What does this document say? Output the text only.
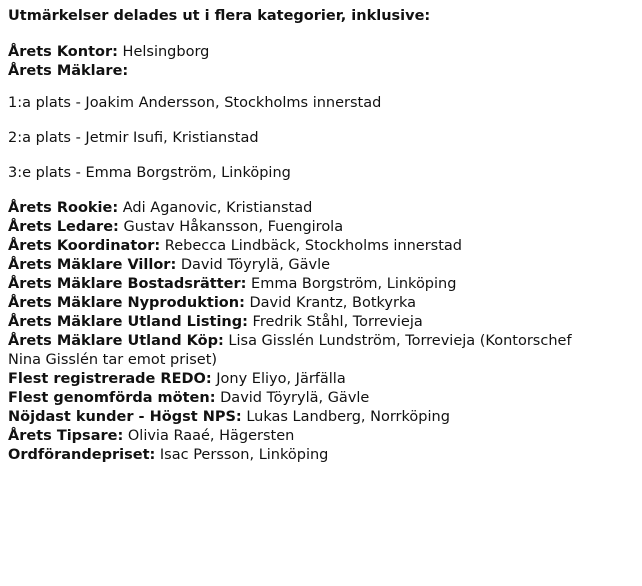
Utmärkelser delades ut i flera kategorier, inklusive:
Årets Kontor: Helsingborg
Årets Mäklare:
1:a plats - Joakim Andersson, Stockholms innerstad
2:a plats - Jetmir Isufi, Kristianstad
3:e plats - Emma Borgström, Linköping
Årets Rookie: Adi Aganovic, Kristianstad
Årets Ledare: Gustav Håkansson, Fuengirola
Årets Koordinator: Rebecca Lindbäck, Stockholms innerstad
Årets Mäklare Villor: David Töyrylä, Gävle
Årets Mäklare Bostadsrätter: Emma Borgström, Linköping
Årets Mäklare Nyproduktion: David Krantz, Botkyrka
Årets Mäklare Utland Listing: Fredrik Ståhl, Torrevieja
Årets Mäklare Utland Köp: Lisa Gisslén Lundström, Torrevieja (Kontorschef
Nina Gisslén tar emot priset)
Flest registrerade REDO: Jony Eliyo, Järfälla
Flest genomförda möten: David Töyrylä, Gävle
Nöjdast kunder - Högst NPS: Lukas Landberg, Norrköping
Årets Tipsare: Olivia Raaé, Hägersten
Ordförandepriset: Isac Persson, Linköping
